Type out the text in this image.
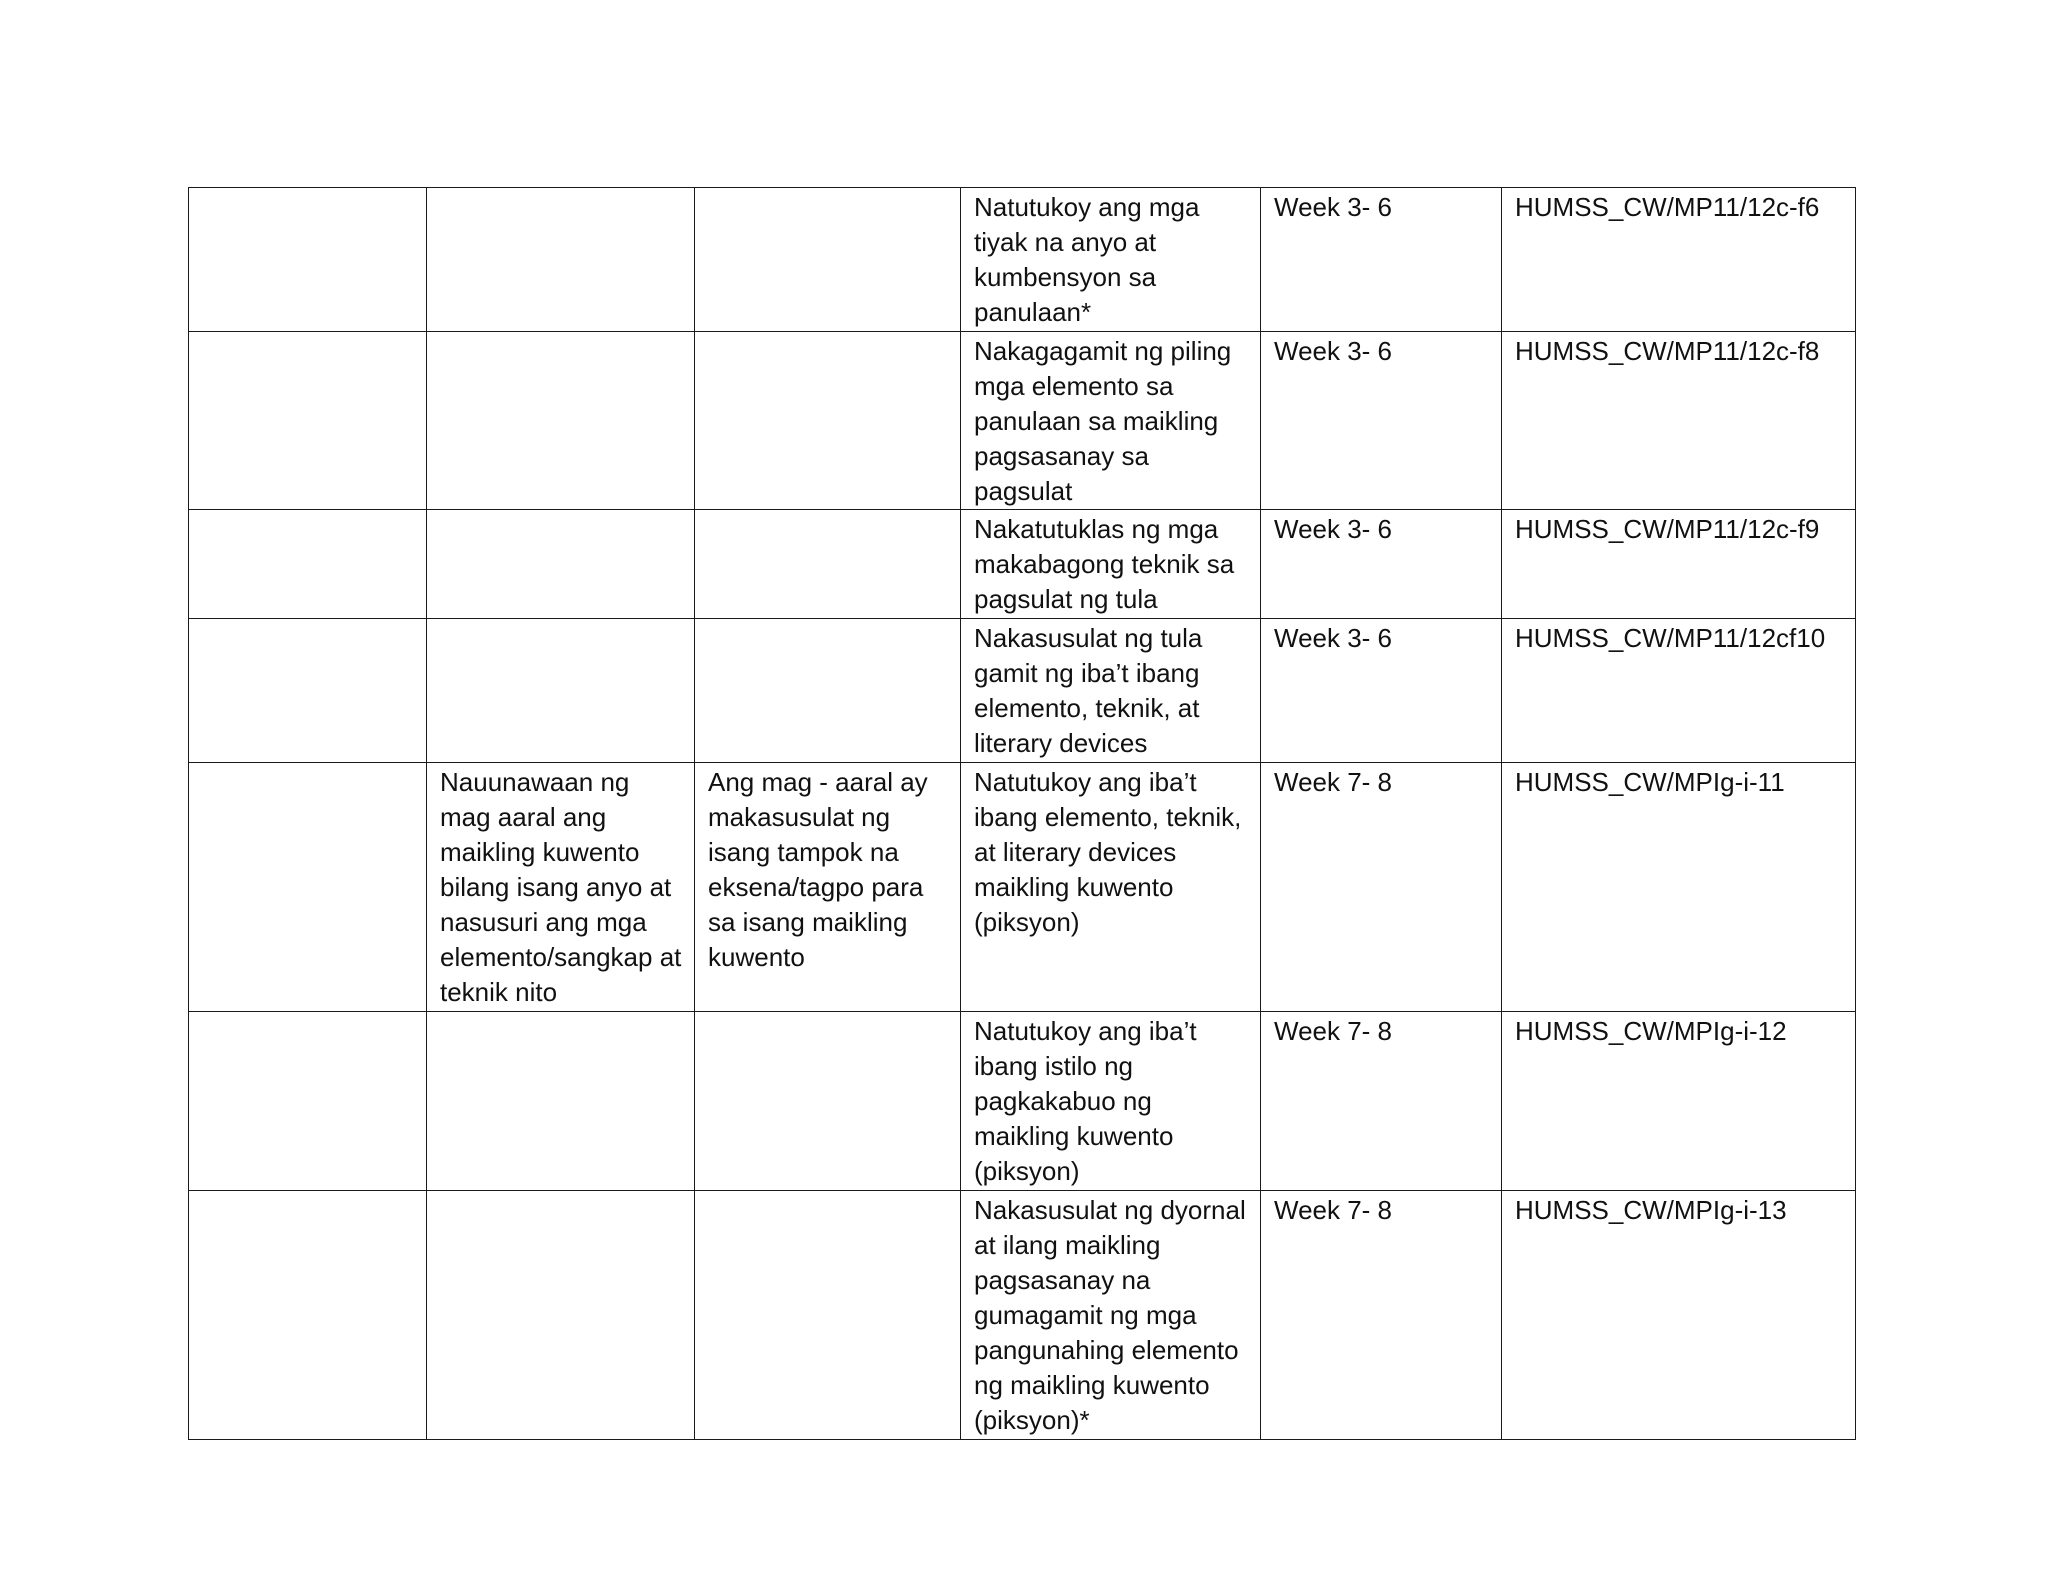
			Natutukoy ang mga tiyak na anyo at kumbensyon sa panulaan*	Week 3- 6	HUMSS_CW/MP11/12c-f6
			Nakagagamit ng piling mga elemento sa panulaan sa maikling pagsasanay sa pagsulat	Week 3- 6	HUMSS_CW/MP11/12c-f8
			Nakatutuklas ng mga makabagong teknik sa pagsulat ng tula	Week 3- 6	HUMSS_CW/MP11/12c-f9
			Nakasusulat ng tula gamit ng iba’t ibang elemento, teknik, at literary devices	Week 3- 6	HUMSS_CW/MP11/12cf10
	Nauunawaan ng mag aaral ang maikling kuwento bilang isang anyo at nasusuri ang mga elemento/sangkap at teknik nito	Ang mag - aaral ay makasusulat ng isang tampok na eksena/tagpo para sa isang maikling kuwento	Natutukoy ang iba’t ibang elemento, teknik, at literary devices maikling kuwento (piksyon)	Week 7- 8	HUMSS_CW/MPIg-i-11
			Natutukoy ang iba’t ibang istilo ng pagkakabuo ng maikling kuwento (piksyon)	Week 7- 8	HUMSS_CW/MPIg-i-12
			Nakasusulat ng dyornal at ilang maikling pagsasanay na gumagamit ng mga pangunahing elemento ng maikling kuwento (piksyon)*	Week 7- 8	HUMSS_CW/MPIg-i-13
